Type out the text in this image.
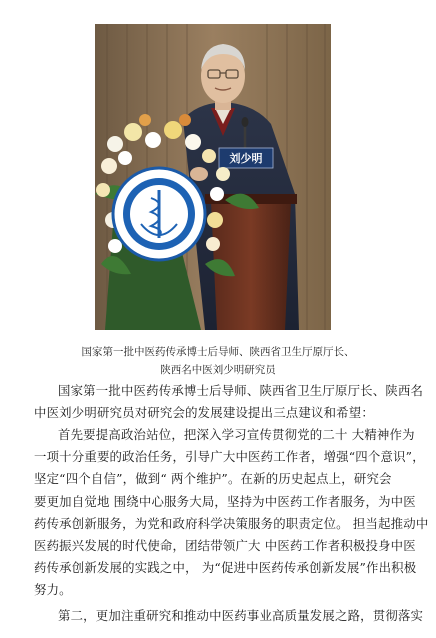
刘少明
国家第一批中医药传承博士后导师、陕西省卫生厅原厅长、
陕西名中医刘少明研究员
国家第一批中医药传承博士后导师、陕西省卫生厅原厅长、陕西名
中医刘少明研究员对研究会的发展建设提出三点建议和希望：
首先要提高政治站位，把深入学习宣传贯彻党的二十 大精神作为
一项十分重要的政治任务，引导广大中医药工作者，增强“四个意识”，
坚定“四个自信”，做到“ 两个维护”。在新的历史起点上，研究会
要更加自觉地 围绕中心服务大局，坚持为中医药工作者服务，为中医
药传承创新服务，为党和政府科学决策服务的职责定位。 担当起推动中
医药振兴发展的时代使命，团结带领广大 中医药工作者积极投身中医
药传承创新发展的实践之中， 为“促进中医药传承创新发展”作出积极
努力。
第二，更加注重研究和推动中医药事业高质量发展之路，贯彻落实
